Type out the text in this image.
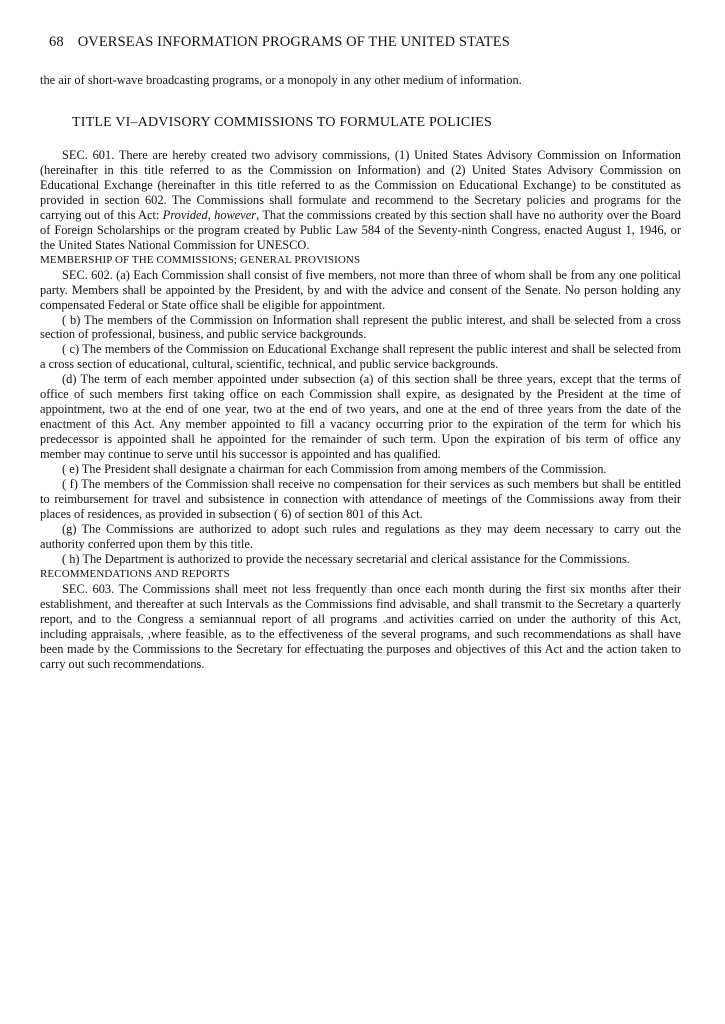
68 OVERSEAS INFORMATION PROGRAMS OF THE UNITED STATES
the air of short-wave broadcasting programs, or a monopoly in any other medium of information.
TITLE VI–ADVISORY COMMISSIONS TO FORMULATE POLICIES

SEC. 601. There are hereby created two advisory commissions, (1) United States Advisory Commission on Information (hereinafter in this title referred to as the Commission on Information) and (2) United States Advisory Commission on Educational Exchange (hereinafter in this title referred to as the Commission on Educational Exchange) to be constituted as provided in section 602. The Commissions shall formulate and recommend to the Secretary policies and programs for the carrying out of this Act: Provided, however, That the commissions created by this section shall have no authority over the Board of Foreign Scholarships or the program created by Public Law 584 of the Seventy-ninth Congress, enacted August 1, 1946, or the United States National Commission for UNESCO.

MEMBERSHIP OF THE COMMISSIONS; GENERAL PROVISIONS

SEC. 602. (a) Each Commission shall consist of five members, not more than three of whom shall be from any one political party. Members shall be appointed by the President, by and with the advice and consent of the Senate. No person holding any compensated Federal or State office shall be eligible for appointment.

( b) The members of the Commission on Information shall represent the public interest, and shall be selected from a cross section of professional, business, and public service backgrounds.

( c) The members of the Commission on Educational Exchange shall represent the public interest and shall be selected from a cross section of educational, cultural, scientific, technical, and public service backgrounds.

(d) The term of each member appointed under subsection (a) of this section shall be three years, except that the terms of office of such members first taking office on each Commission shall expire, as designated by the President at the time of appointment, two at the end of one year, two at the end of two years, and one at the end of three years from the date of the enactment of this Act. Any member appointed to fill a vacancy occurring prior to the expiration of the term for which his predecessor is appointed shall he appointed for the remainder of such term. Upon the expiration of bis term of office any member may continue to serve until his successor is appointed and has qualified.

( e) The President shall designate a chairman for each Commission from among members of the Commission.

( f) The members of the Commission shall receive no compensation for their services as such members but shall be entitled to reimbursement for travel and subsistence in connection with attendance of meetings of the Commissions away from their places of residences, as provided in subsection ( 6) of section 801 of this Act.

(g) The Commissions are authorized to adopt such rules and regulations as they may deem necessary to carry out the authority conferred upon them by this title.

( h) The Department is authorized to provide the necessary secretarial and clerical assistance for the Commissions.

RECOMMENDATIONS AND REPORTS

SEC. 603. The Commissions shall meet not less frequently than once each month during the first six months after their establishment, and thereafter at such Intervals as the Commissions find advisable, and shall transmit to the Secretary a quarterly report, and to the Congress a semiannual report of all programs .and activities carried on under the authority of this Act, including appraisals, ,where feasible, as to the effectiveness of the several programs, and such recommendations as shall have been made by the Commissions to the Secretary for effectuating the purposes and objectives of this Act and the action taken to carry out such recommendations.
